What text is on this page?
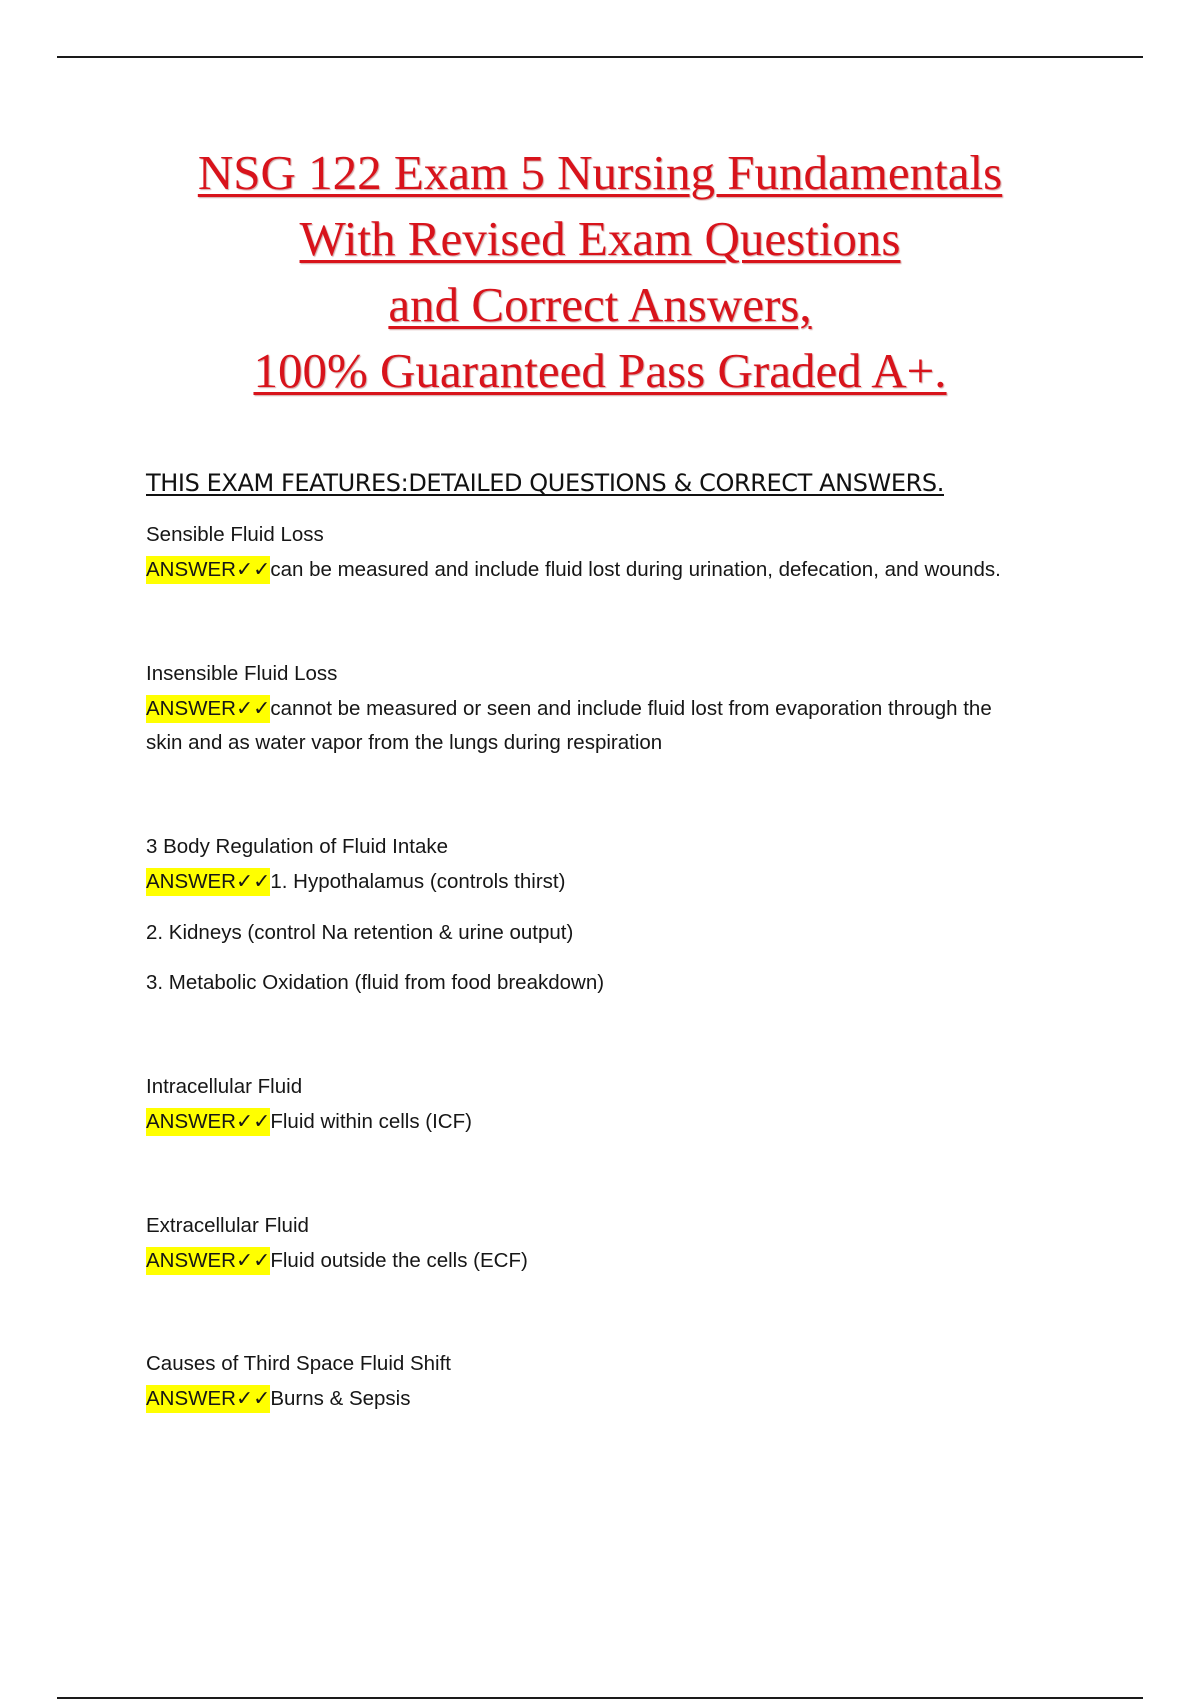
NSG 122 Exam 5 Nursing Fundamentals
With Revised Exam Questions
and Correct Answers,
100% Guaranteed Pass Graded A+.
THIS EXAM FEATURES:DETAILED QUESTIONS & CORRECT ANSWERS.

Sensible Fluid Loss

ANSWER✓✓can be measured and include fluid lost during urination, defecation, and wounds.

Insensible Fluid Loss

ANSWER✓✓cannot be measured or seen and include fluid lost from evaporation through the

skin and as water vapor from the lungs during respiration

3 Body Regulation of Fluid Intake

ANSWER✓✓1. Hypothalamus (controls thirst)

2. Kidneys (control Na retention & urine output)

3. Metabolic Oxidation (fluid from food breakdown)

Intracellular Fluid

ANSWER✓✓Fluid within cells (ICF)

Extracellular Fluid

ANSWER✓✓Fluid outside the cells (ECF)

Causes of Third Space Fluid Shift

ANSWER✓✓Burns & Sepsis
